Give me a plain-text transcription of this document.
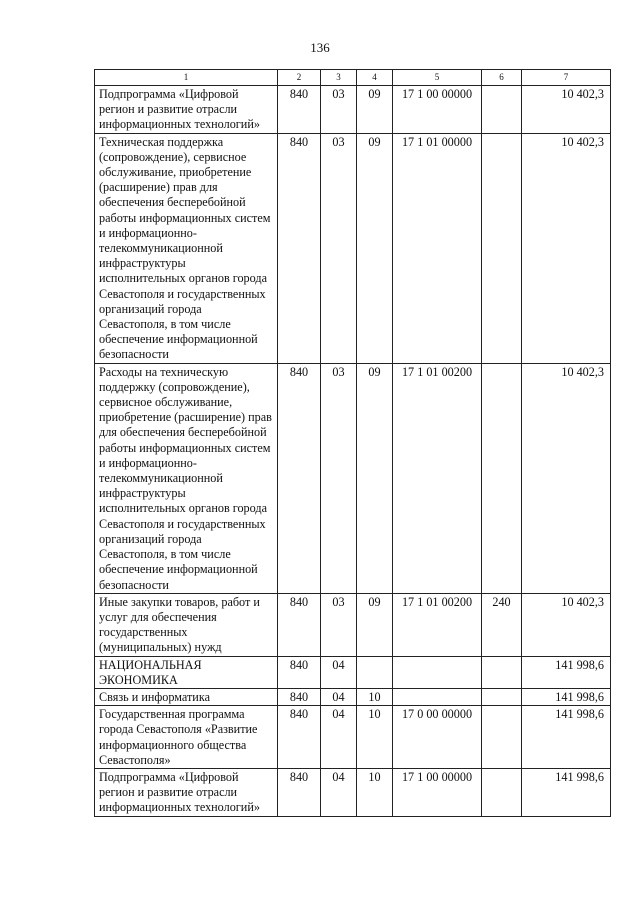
136
1	2	3	4	5	6	7
Подпрограмма «Цифровой регион и развитие отрасли информационных технологий»	840	03	09	17 1 00 00000		10 402,3
Техническая поддержка (сопровождение), сервисное обслуживание, приобретение (расширение) прав для обеспечения бесперебойной работы информационных систем и информационно-телекоммуникационной инфраструктуры исполнительных органов города Севастополя и государственных организаций города Севастополя, в том числе обеспечение информационной безопасности	840	03	09	17 1 01 00000		10 402,3
Расходы на техническую поддержку (сопровождение), сервисное обслуживание, приобретение (расширение) прав для обеспечения бесперебойной работы информационных систем и информационно-телекоммуникационной инфраструктуры исполнительных органов города Севастополя и государственных организаций города Севастополя, в том числе обеспечение информационной безопасности	840	03	09	17 1 01 00200		10 402,3
Иные закупки товаров, работ и услуг для обеспечения государственных (муниципальных) нужд	840	03	09	17 1 01 00200	240	10 402,3
НАЦИОНАЛЬНАЯ ЭКОНОМИКА	840	04				141 998,6
Связь и информатика	840	04	10			141 998,6
Государственная программа города Севастополя «Развитие информационного общества Севастополя»	840	04	10	17 0 00 00000		141 998,6
Подпрограмма «Цифровой регион и развитие отрасли информационных технологий»	840	04	10	17 1 00 00000		141 998,6
